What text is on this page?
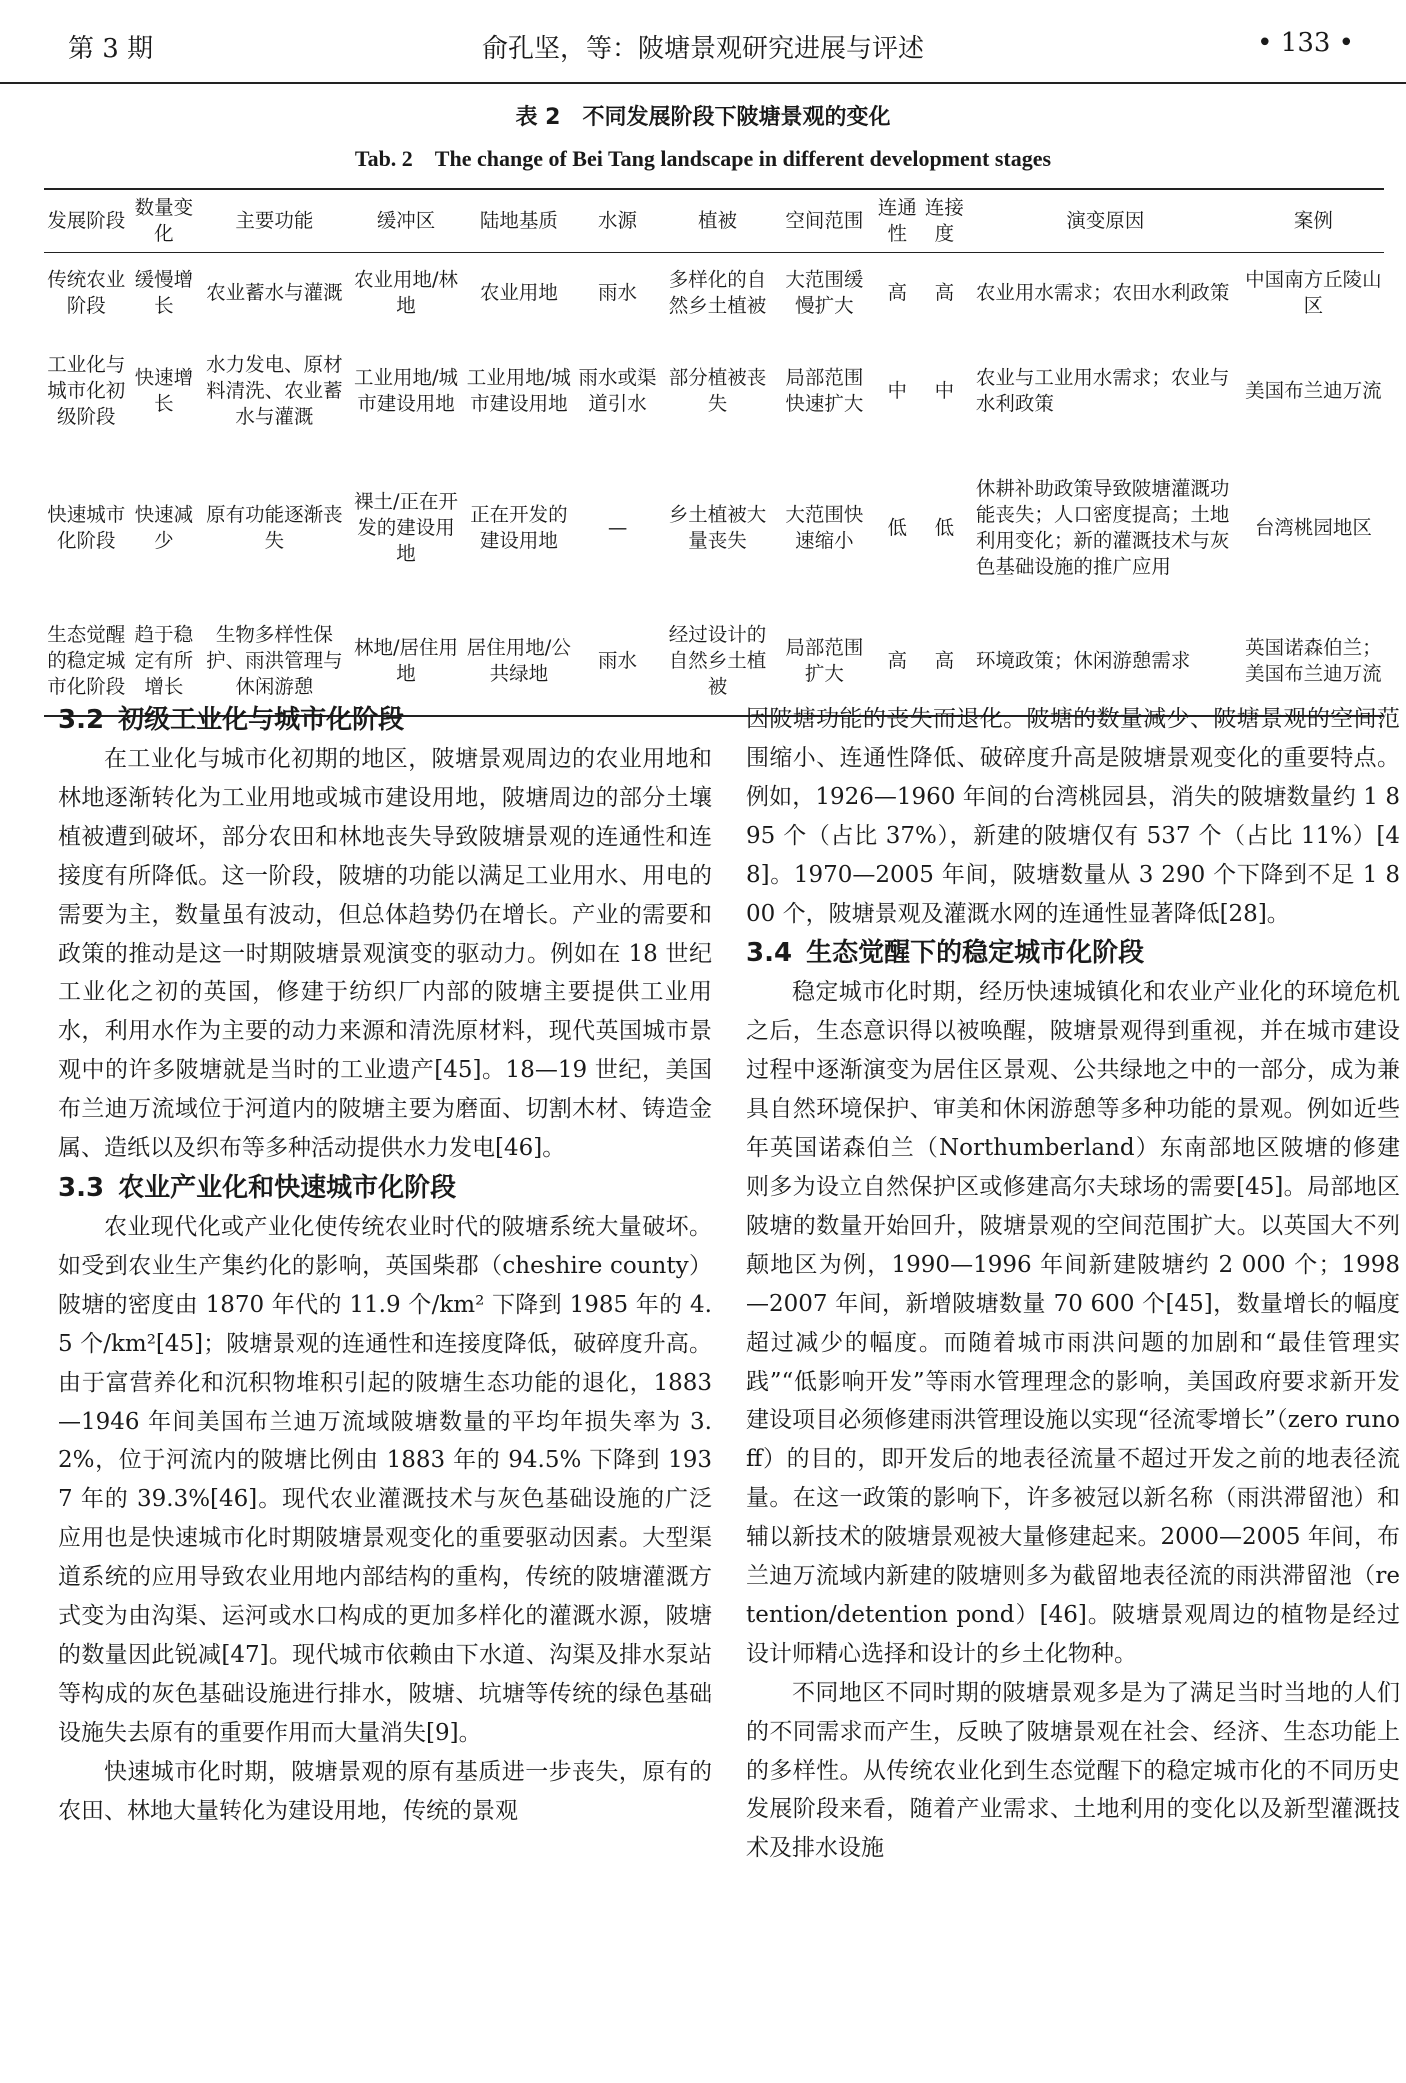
第 3 期	俞孔坚，等：陂塘景观研究进展与评述	• 133 •
表 2　不同发展阶段下陂塘景观的变化
Tab. 2　The change of Bei Tang landscape in different development stages
发展阶段	数量变化	主要功能	缓冲区	陆地基质	水源	植被	空间范围	连通性	连接度	演变原因	案例
传统农业阶段	缓慢增长	农业蓄水与灌溉	农业用地/林地	农业用地	雨水	多样化的自然乡土植被	大范围缓慢扩大	高	高	农业用水需求；农田水利政策	中国南方丘陵山区
工业化与城市化初级阶段	快速增长	水力发电、原材料清洗、农业蓄水与灌溉	工业用地/城市建设用地	工业用地/城市建设用地	雨水或渠道引水	部分植被丧失	局部范围快速扩大	中	中	农业与工业用水需求；农业与水利政策	美国布兰迪万流
快速城市化阶段	快速减少	原有功能逐渐丧失	裸土/正在开发的建设用地	正在开发的建设用地	—	乡土植被大量丧失	大范围快速缩小	低	低	休耕补助政策导致陂塘灌溉功能丧失；人口密度提高；土地利用变化；新的灌溉技术与灰色基础设施的推广应用	台湾桃园地区
生态觉醒的稳定城市化阶段	趋于稳定有所增长	生物多样性保护、雨洪管理与休闲游憩	林地/居住用地	居住用地/公共绿地	雨水	经过设计的自然乡土植被	局部范围扩大	高	高	环境政策；休闲游憩需求	英国诺森伯兰；美国布兰迪万流
3.2 初级工业化与城市化阶段

在工业化与城市化初期的地区，陂塘景观周边的农业用地和林地逐渐转化为工业用地或城市建设用地，陂塘周边的部分土壤植被遭到破坏，部分农田和林地丧失导致陂塘景观的连通性和连接度有所降低。这一阶段，陂塘的功能以满足工业用水、用电的需要为主，数量虽有波动，但总体趋势仍在增长。产业的需要和政策的推动是这一时期陂塘景观演变的驱动力。例如在 18 世纪工业化之初的英国，修建于纺织厂内部的陂塘主要提供工业用水，利用水作为主要的动力来源和清洗原材料，现代英国城市景观中的许多陂塘就是当时的工业遗产[45]。18—19 世纪，美国布兰迪万流域位于河道内的陂塘主要为磨面、切割木材、铸造金属、造纸以及织布等多种活动提供水力发电[46]。

3.3 农业产业化和快速城市化阶段

农业现代化或产业化使传统农业时代的陂塘系统大量破坏。如受到农业生产集约化的影响，英国柴郡（cheshire county）陂塘的密度由 1870 年代的 11.9 个/km² 下降到 1985 年的 4.5 个/km²[45]；陂塘景观的连通性和连接度降低，破碎度升高。由于富营养化和沉积物堆积引起的陂塘生态功能的退化，1883—1946 年间美国布兰迪万流域陂塘数量的平均年损失率为 3.2%，位于河流内的陂塘比例由 1883 年的 94.5% 下降到 1937 年的 39.3%[46]。现代农业灌溉技术与灰色基础设施的广泛应用也是快速城市化时期陂塘景观变化的重要驱动因素。大型渠道系统的应用导致农业用地内部结构的重构，传统的陂塘灌溉方式变为由沟渠、运河或水口构成的更加多样化的灌溉水源，陂塘的数量因此锐减[47]。现代城市依赖由下水道、沟渠及排水泵站等构成的灰色基础设施进行排水，陂塘、坑塘等传统的绿色基础设施失去原有的重要作用而大量消失[9]。

快速城市化时期，陂塘景观的原有基质进一步丧失，原有的农田、林地大量转化为建设用地，传统的景观

因陂塘功能的丧失而退化。陂塘的数量减少、陂塘景观的空间范围缩小、连通性降低、破碎度升高是陂塘景观变化的重要特点。例如，1926—1960 年间的台湾桃园县，消失的陂塘数量约 1 895 个（占比 37%），新建的陂塘仅有 537 个（占比 11%）[48]。1970—2005 年间，陂塘数量从 3 290 个下降到不足 1 800 个，陂塘景观及灌溉水网的连通性显著降低[28]。

3.4 生态觉醒下的稳定城市化阶段

稳定城市化时期，经历快速城镇化和农业产业化的环境危机之后，生态意识得以被唤醒，陂塘景观得到重视，并在城市建设过程中逐渐演变为居住区景观、公共绿地之中的一部分，成为兼具自然环境保护、审美和休闲游憩等多种功能的景观。例如近些年英国诺森伯兰（Northumberland）东南部地区陂塘的修建则多为设立自然保护区或修建高尔夫球场的需要[45]。局部地区陂塘的数量开始回升，陂塘景观的空间范围扩大。以英国大不列颠地区为例，1990—1996 年间新建陂塘约 2 000 个；1998—2007 年间，新增陂塘数量 70 600 个[45]，数量增长的幅度超过减少的幅度。而随着城市雨洪问题的加剧和“最佳管理实践”“低影响开发”等雨水管理理念的影响，美国政府要求新开发建设项目必须修建雨洪管理设施以实现“径流零增长”（zero runoff）的目的，即开发后的地表径流量不超过开发之前的地表径流量。在这一政策的影响下，许多被冠以新名称（雨洪滞留池）和辅以新技术的陂塘景观被大量修建起来。2000—2005 年间，布兰迪万流域内新建的陂塘则多为截留地表径流的雨洪滞留池（retention/detention pond）[46]。陂塘景观周边的植物是经过设计师精心选择和设计的乡土化物种。

不同地区不同时期的陂塘景观多是为了满足当时当地的人们的不同需求而产生，反映了陂塘景观在社会、经济、生态功能上的多样性。从传统农业化到生态觉醒下的稳定城市化的不同历史发展阶段来看，随着产业需求、土地利用的变化以及新型灌溉技术及排水设施
